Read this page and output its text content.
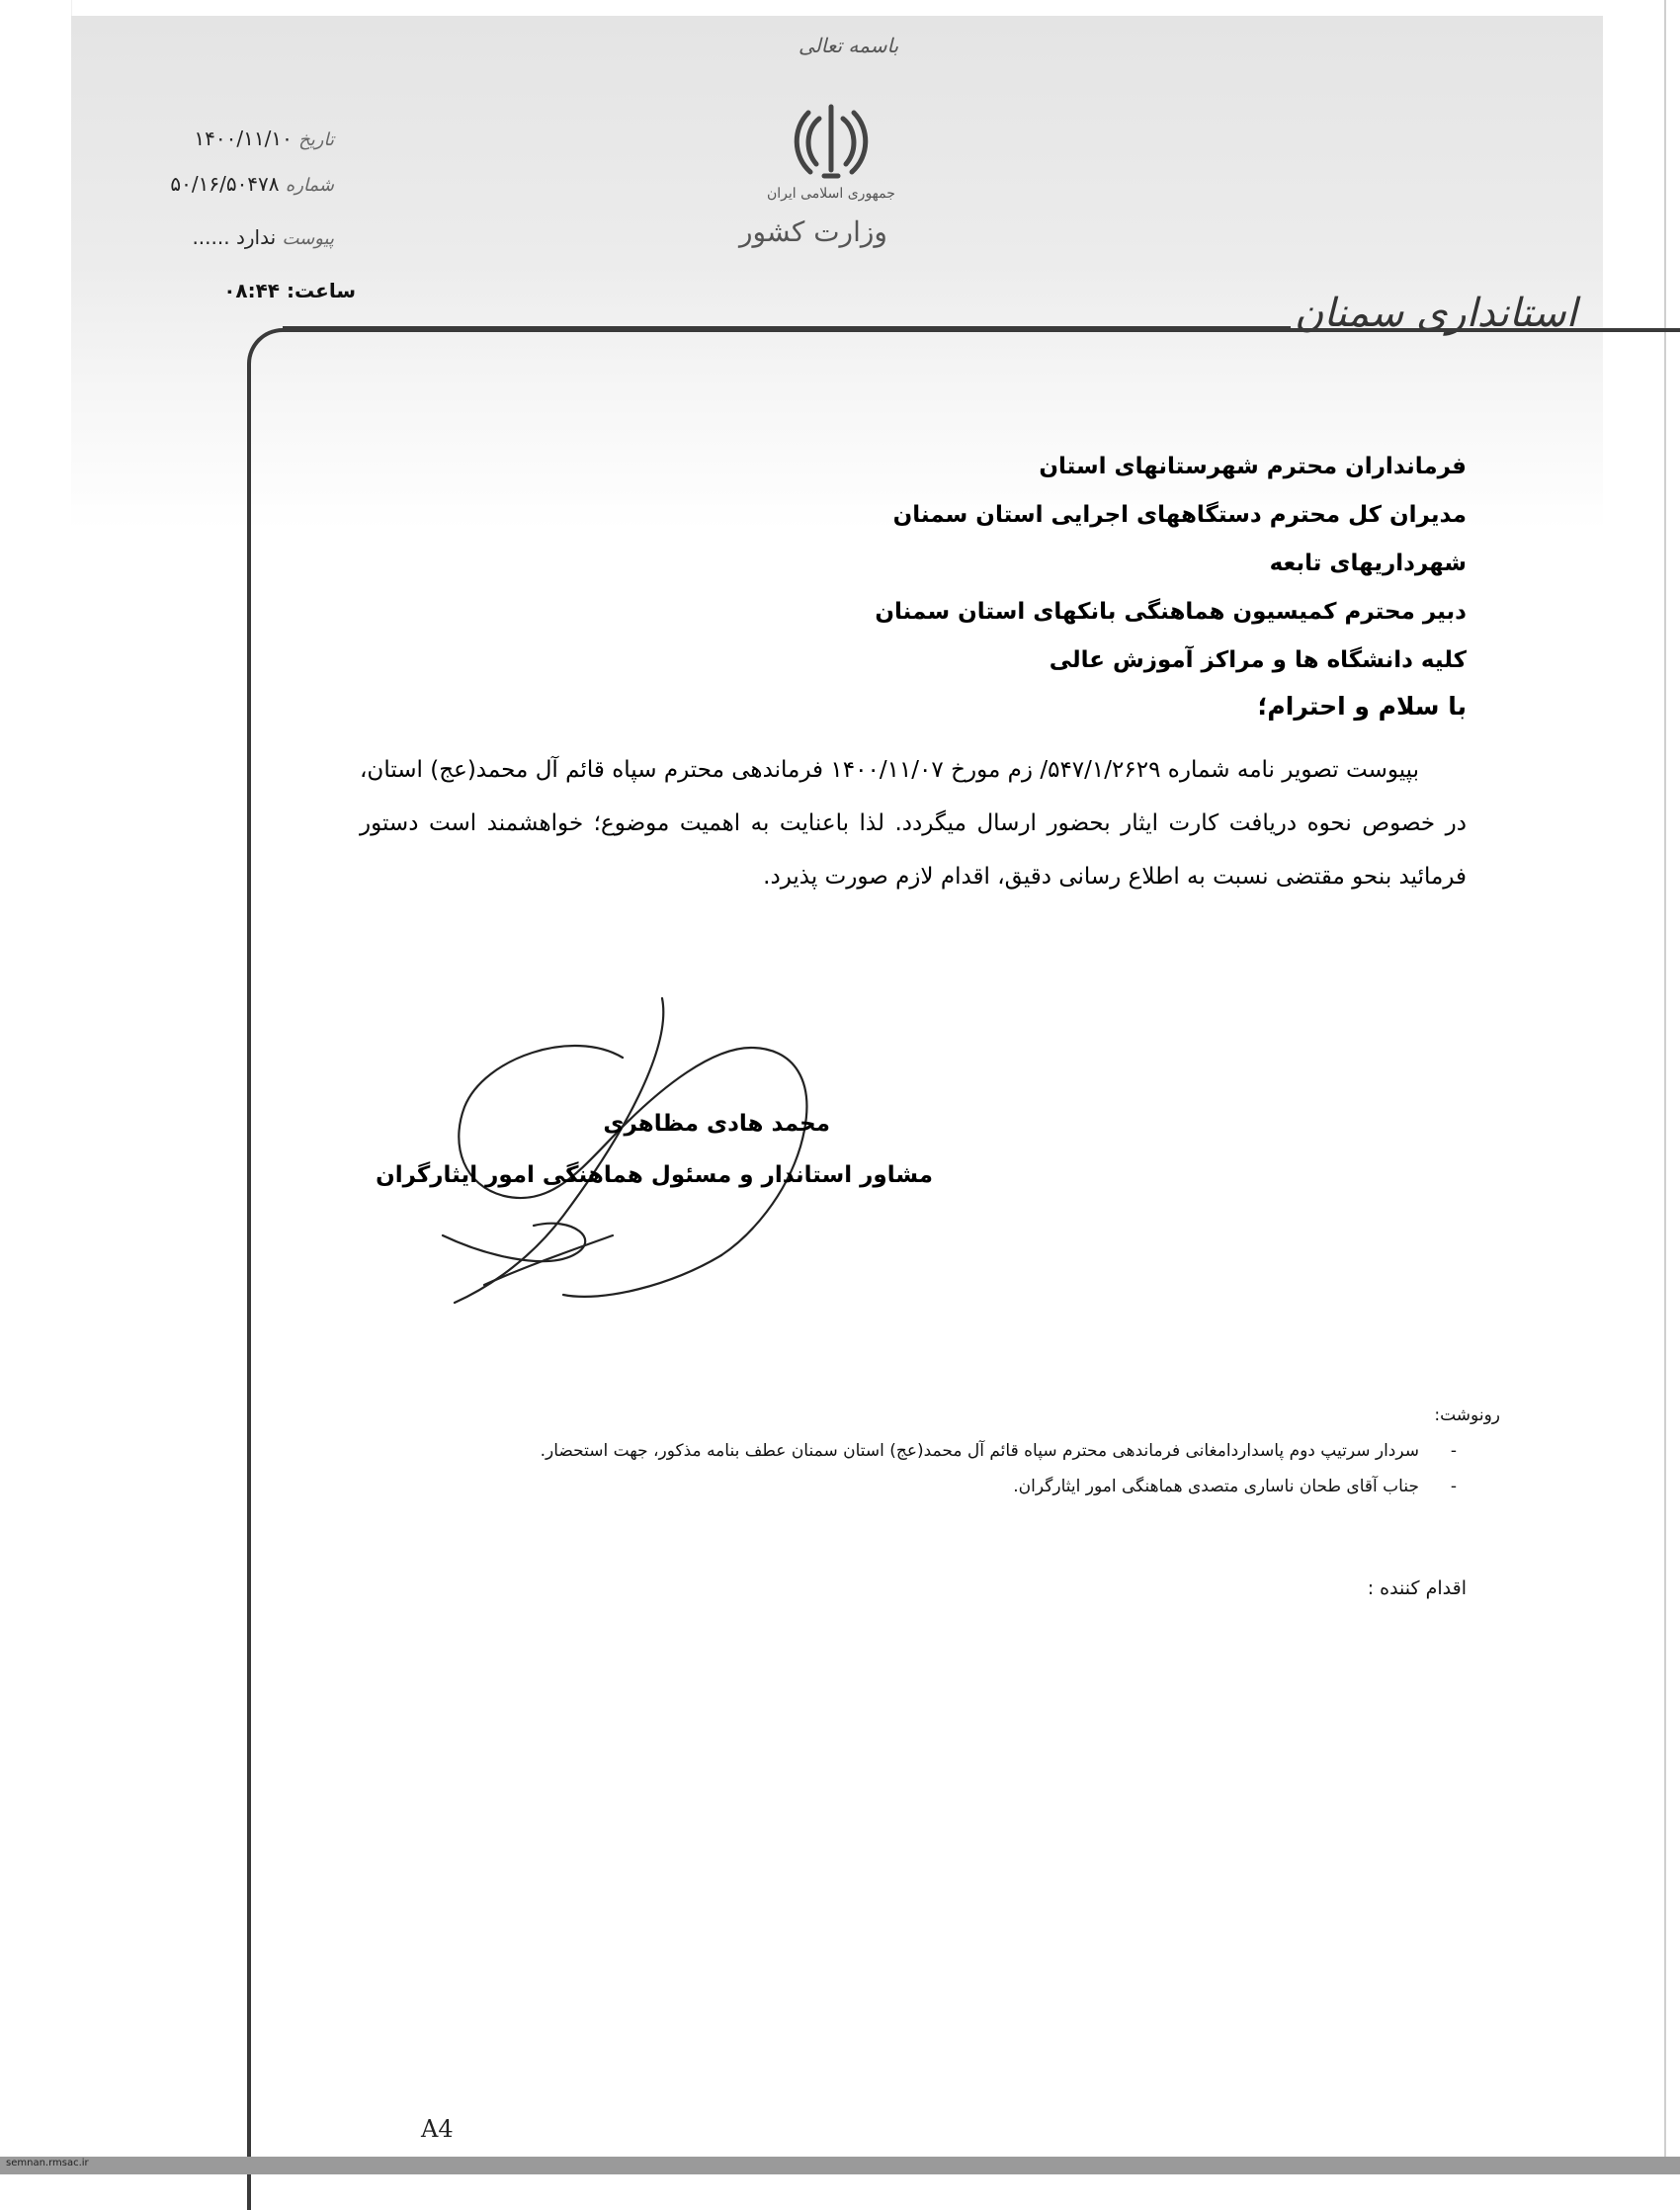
باسمه تعالی
جمهوری اسلامی ایران
وزارت کشور
تاریخ ۱۴۰۰/۱۱/۱۰
شماره ۵۰/۱۶/۵۰۴۷۸
پیوست ندارد ......
ساعت: ۰۸:۴۴	استانداری سمنان
فرمانداران محترم شهرستانهای استان
مدیران کل محترم دستگاههای اجرایی استان سمنان
شهرداریهای تابعه
دبیر محترم کمیسیون هماهنگی بانکهای استان سمنان
کلیه دانشگاه ها و مراکز آموزش عالی
با سلام و احترام؛
بپیوست تصویر نامه شماره ۵۴۷/۱/۲۶۲۹/ زم مورخ ۱۴۰۰/۱۱/۰۷ فرماندهی محترم سپاه قائم آل محمد(عج) استان، در خصوص نحوه دریافت کارت ایثار بحضور ارسال میگردد. لذا باعنایت به اهمیت موضوع؛ خواهشمند است دستور فرمائید بنحو مقتضی نسبت به اطلاع رسانی دقیق، اقدام لازم صورت پذیرد.
محمد هادی مظاهری
مشاور استاندار و مسئول هماهنگی امور ایثارگران
رونوشت:
سردار سرتیپ دوم پاسداردامغانی فرماندهی محترم سپاه قائم آل محمد(عج) استان سمنان عطف بنامه مذکور، جهت استحضار.
جناب آقای طحان ناساری متصدی هماهنگی امور ایثارگران.
-
-
اقدام کننده :
A4
semnan.rmsac.ir
